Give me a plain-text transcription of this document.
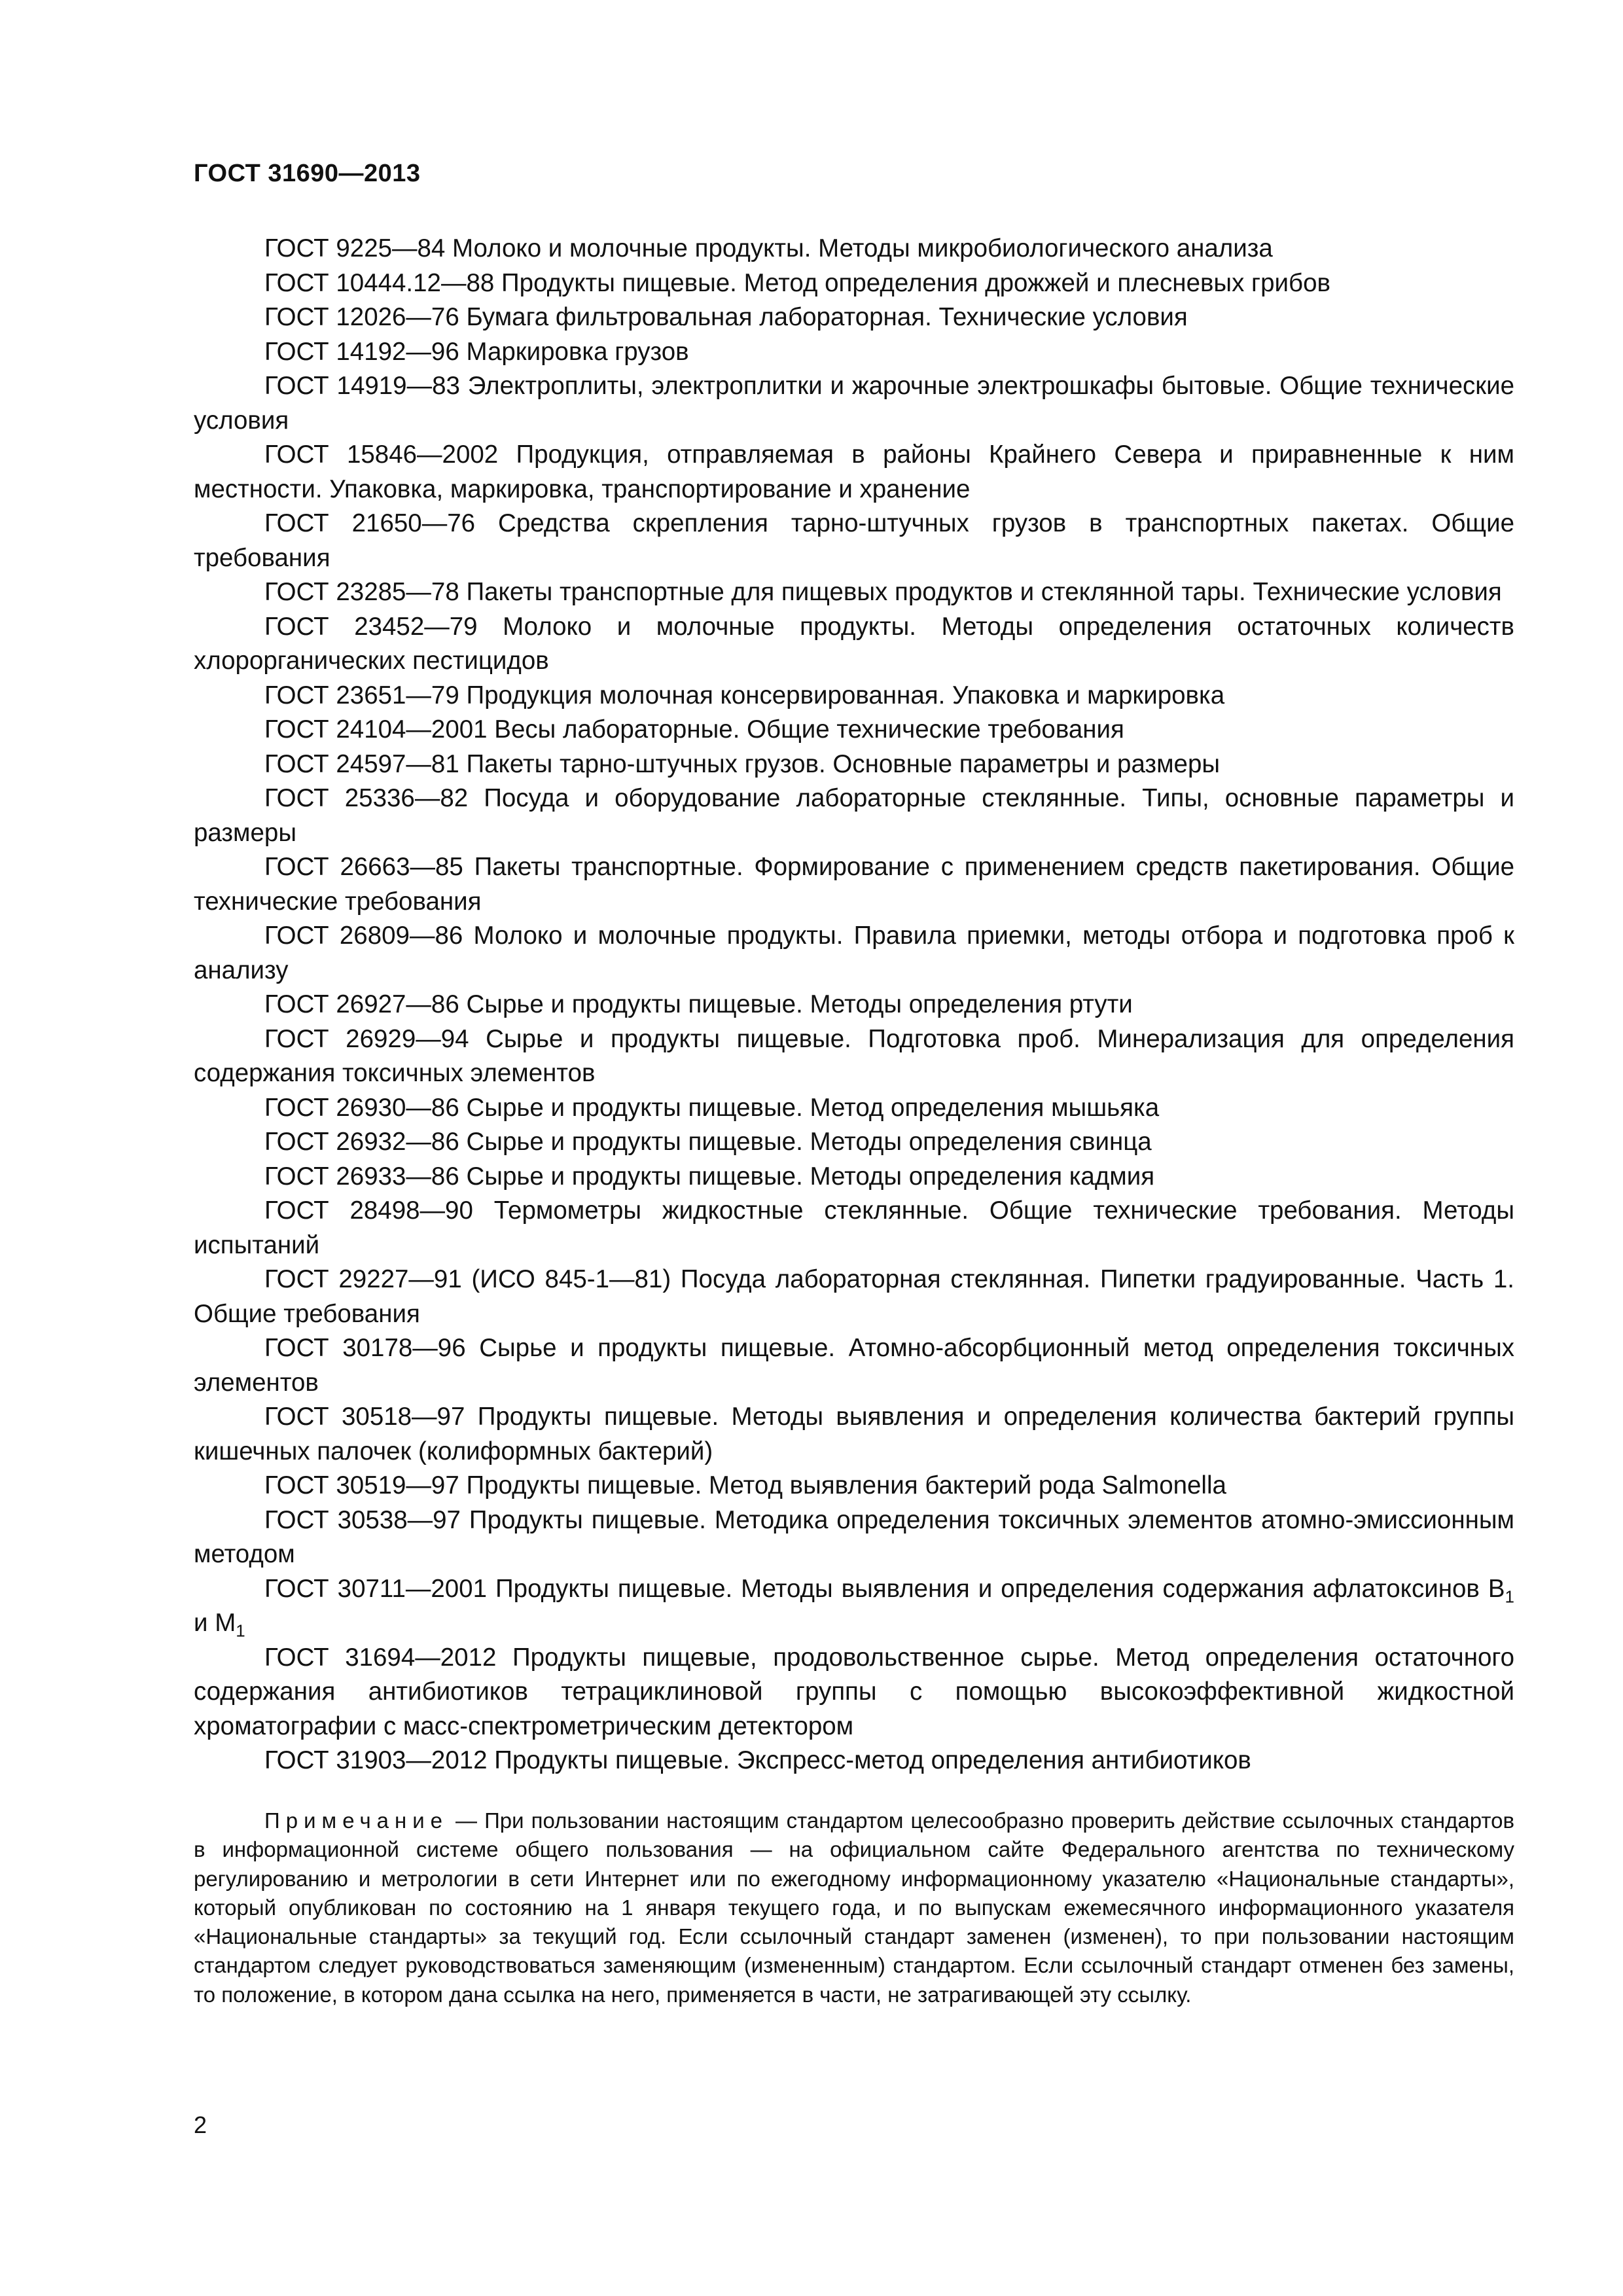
ГОСТ 31690—2013

ГОСТ 9225—84 Молоко и молочные продукты. Методы микробиологического анализа

ГОСТ 10444.12—88 Продукты пищевые. Метод определения дрожжей и плесневых грибов

ГОСТ 12026—76 Бумага фильтровальная лабораторная. Технические условия

ГОСТ 14192—96 Маркировка грузов

ГОСТ 14919—83 Электроплиты, электроплитки и жарочные электрошкафы бытовые. Общие технические условия

ГОСТ 15846—2002 Продукция, отправляемая в районы Крайнего Севера и приравненные к ним местности. Упаковка, маркировка, транспортирование и хранение

ГОСТ 21650—76 Средства скрепления тарно-штучных грузов в транспортных пакетах. Общие требования

ГОСТ 23285—78 Пакеты транспортные для пищевых продуктов и стеклянной тары. Технические условия

ГОСТ 23452—79 Молоко и молочные продукты. Методы определения остаточных количеств хлорорганических пестицидов

ГОСТ 23651—79 Продукция молочная консервированная. Упаковка и маркировка

ГОСТ 24104—2001 Весы лабораторные. Общие технические требования

ГОСТ 24597—81 Пакеты тарно-штучных грузов. Основные параметры и размеры

ГОСТ 25336—82 Посуда и оборудование лабораторные стеклянные. Типы, основные параметры и размеры

ГОСТ 26663—85 Пакеты транспортные. Формирование с применением средств пакетирования. Общие технические требования

ГОСТ 26809—86 Молоко и молочные продукты. Правила приемки, методы отбора и подготовка проб к анализу

ГОСТ 26927—86 Сырье и продукты пищевые. Методы определения ртути

ГОСТ 26929—94 Сырье и продукты пищевые. Подготовка проб. Минерализация для определения содержания токсичных элементов

ГОСТ 26930—86 Сырье и продукты пищевые. Метод определения мышьяка

ГОСТ 26932—86 Сырье и продукты пищевые. Методы определения свинца

ГОСТ 26933—86 Сырье и продукты пищевые. Методы определения кадмия

ГОСТ 28498—90 Термометры жидкостные стеклянные. Общие технические требования. Методы испытаний

ГОСТ 29227—91 (ИСО 845-1—81) Посуда лабораторная стеклянная. Пипетки градуированные. Часть 1. Общие требования

ГОСТ 30178—96 Сырье и продукты пищевые. Атомно-абсорбционный метод определения токсичных элементов

ГОСТ 30518—97 Продукты пищевые. Методы выявления и определения количества бактерий группы кишечных палочек (колиформных бактерий)

ГОСТ 30519—97 Продукты пищевые. Метод выявления бактерий рода Salmonella

ГОСТ 30538—97 Продукты пищевые. Методика определения токсичных элементов атомно-эмиссионным методом

ГОСТ 30711—2001 Продукты пищевые. Методы выявления и определения содержания афлатоксинов $B_1$ и $M_1$

ГОСТ 31694—2012 Продукты пищевые, продовольственное сырье. Метод определения остаточного содержания антибиотиков тетрациклиновой группы с помощью высокоэффективной жидкостной хроматографии с масс-спектрометрическим детектором

ГОСТ 31903—2012 Продукты пищевые. Экспресс-метод определения антибиотиков

Примечание — При пользовании настоящим стандартом целесообразно проверить действие ссылочных стандартов в информационной системе общего пользования — на официальном сайте Федерального агентства по техническому регулированию и метрологии в сети Интернет или по ежегодному информационному указателю «Национальные стандарты», который опубликован по состоянию на 1 января текущего года, и по выпускам ежемесячного информационного указателя «Национальные стандарты» за текущий год. Если ссылочный стандарт заменен (изменен), то при пользовании настоящим стандартом следует руководствоваться заменяющим (измененным) стандартом. Если ссылочный стандарт отменен без замены, то положение, в котором дана ссылка на него, применяется в части, не затрагивающей эту ссылку.
2
